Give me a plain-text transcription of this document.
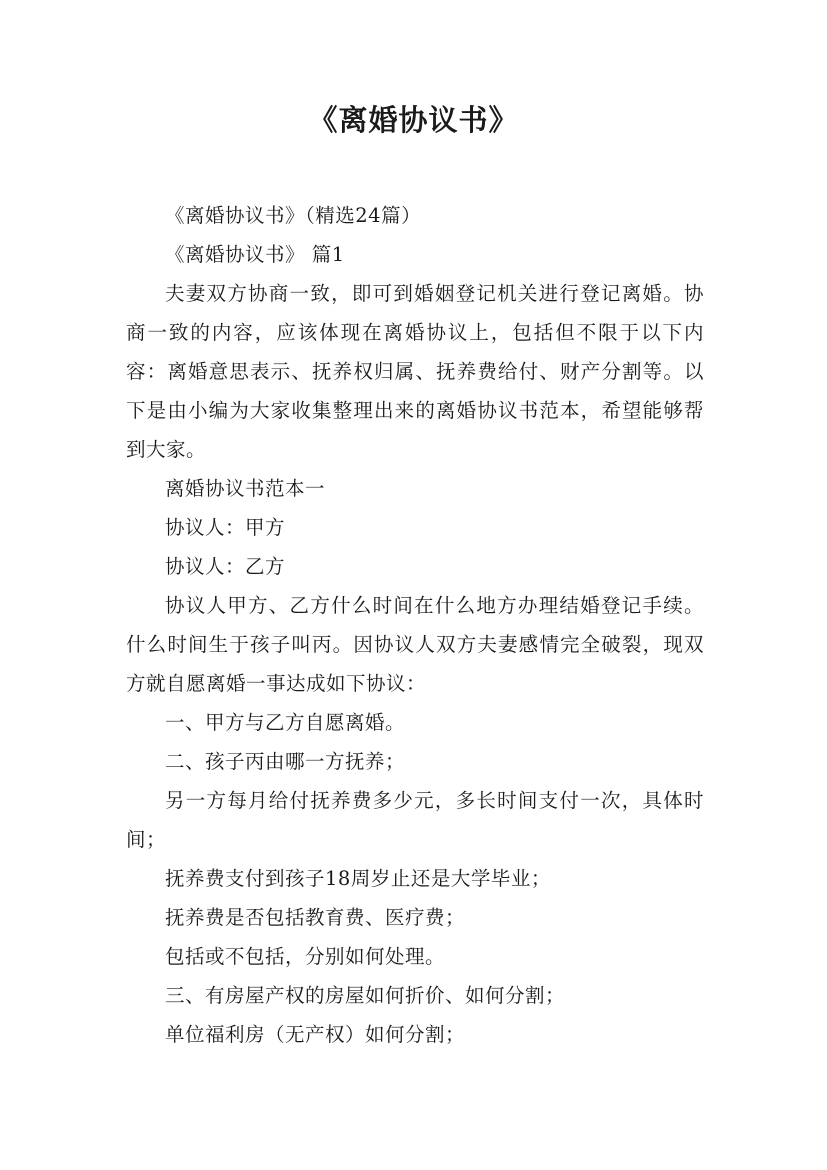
《离婚协议书》

《离婚协议书》（精选24篇）

《离婚协议书》 篇1

夫妻双方协商一致，即可到婚姻登记机关进行登记离婚。协商一致的内容，应该体现在离婚协议上，包括但不限于以下内容：离婚意思表示、抚养权归属、抚养费给付、财产分割等。以下是由小编为大家收集整理出来的离婚协议书范本，希望能够帮到大家。

离婚协议书范本一

协议人：甲方

协议人：乙方

协议人甲方、乙方什么时间在什么地方办理结婚登记手续。什么时间生于孩子叫丙。因协议人双方夫妻感情完全破裂，现双方就自愿离婚一事达成如下协议：

一、甲方与乙方自愿离婚。

二、孩子丙由哪一方抚养；

另一方每月给付抚养费多少元，多长时间支付一次，具体时间；

抚养费支付到孩子18周岁止还是大学毕业；

抚养费是否包括教育费、医疗费；

包括或不包括，分别如何处理。

三、有房屋产权的房屋如何折价、如何分割；

单位福利房（无产权）如何分割；
